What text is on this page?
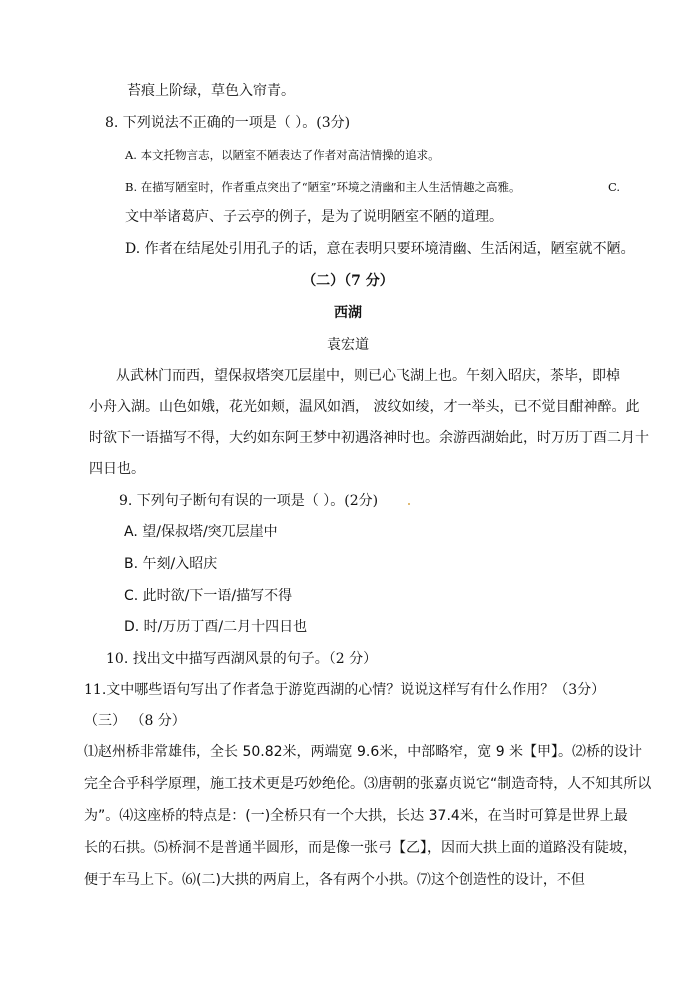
苔痕上阶绿，草色入帘青。
8. 下列说法不正确的一项是（ ）。(3分)
A. 本文托物言志，以陋室不陋表达了作者对高洁情操的追求。
B. 在描写陋室时，作者重点突出了“陋室”环境之清幽和主人生活情趣之高雅。	C.
文中举诸葛庐、子云亭的例子，是为了说明陋室不陋的道理。
D. 作者在结尾处引用孔子的话，意在表明只要环境清幽、生活闲适，陋室就不陋。
（二）（7 分）
西湖
袁宏道
从武林门而西，望保叔塔突兀层崖中，则已心飞湖上也。午刻入昭庆，茶毕，即棹
小舟入湖。山色如娥，花光如颊，温风如酒， 波纹如绫，才一举头，已不觉目酣神醉。此
时欲下一语描写不得，大约如东阿王梦中初遇洛神时也。余游西湖始此，时万历丁酉二月十
四日也。
9. 下列句子断句有误的一项是（ ）。(2分)
A. 望/保叔塔/突兀层崖中
B. 午刻/入昭庆
C. 此时欲/下一语/描写不得
D. 时/万历丁酉/二月十四日也
10. 找出文中描写西湖风景的句子。（2 分）
11.文中哪些语句写出了作者急于游览西湖的心情？说说这样写有什么作用？（3分）
（三） （8 分）
⑴赵州桥非常雄伟，全长 50.82米，两端宽 9.6米，中部略窄，宽 9 米【甲】。⑵桥的设计
完全合乎科学原理，施工技术更是巧妙绝伦。⑶唐朝的张嘉贞说它“制造奇特，人不知其所以
为”。⑷这座桥的特点是：(一)全桥只有一个大拱，长达 37.4米，在当时可算是世界上最
长的石拱。⑸桥洞不是普通半圆形，而是像一张弓【乙】，因而大拱上面的道路没有陡坡，
便于车马上下。⑹(二)大拱的两肩上，各有两个小拱。⑺这个创造性的设计，不但
